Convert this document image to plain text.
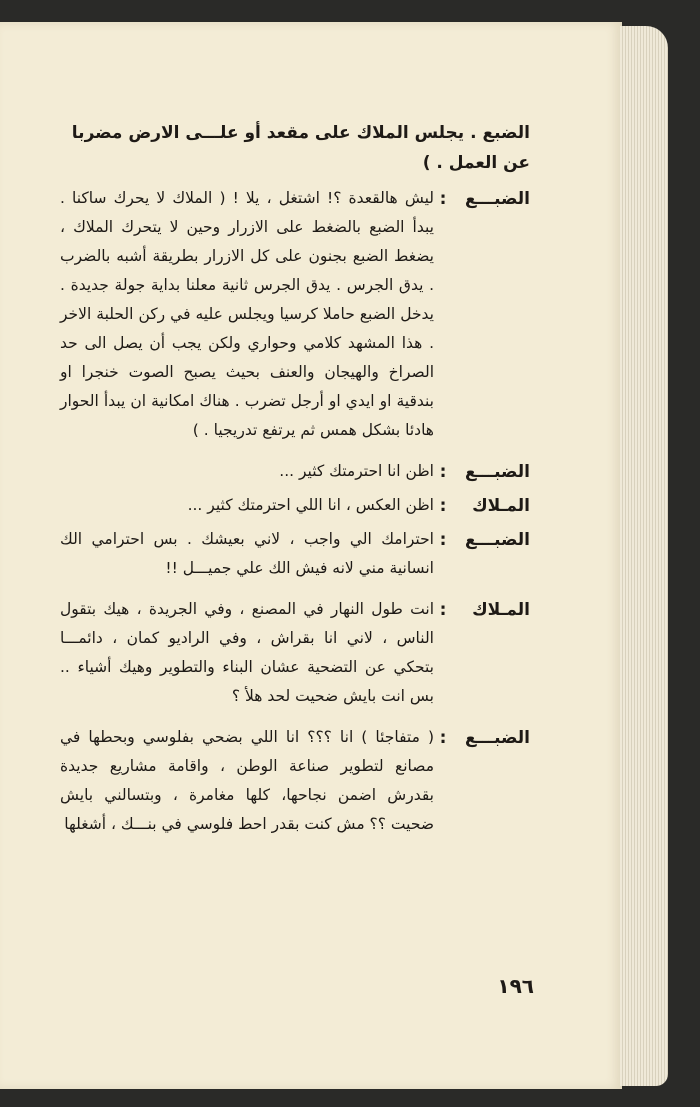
الضبع . يجلس الملاك على مقعد أو علـــى الارض مضربا عن العمل . )
الضبـــع
:
ليش هالقعدة ؟! اشتغل ، يلا ! ( الملاك لا يحرك ساكنا . يبدأ الضبع بالضغط على الازرار وحين لا يتحرك الملاك ، يضغط الضبع بجنون على كل الازرار بطريقة أشبه بالضرب . يدق الجرس . يدق الجرس ثانية معلنا بداية جولة جديدة . يدخل الضبع حاملا كرسيا ويجلس عليه في ركن الحلبة الاخر . هذا المشهد كلامي وحواري ولكن يجب أن يصل الى حد الصراخ والهيجان والعنف بحيث يصبح الصوت خنجرا او بندقية او ايدي او أرجل تضرب . هناك امكانية ان يبدأ الحوار هادئا بشكل همس ثم يرتفع تدريجيا . )
الضبـــع
:
اظن انا احترمتك كثير ...
المـلاك
:
اظن العكس ، انا اللي احترمتك كثير ...
الضبـــع
:
احترامك الي واجب ، لاني بعيشك . بس احترامي الك انسانية مني لانه فيش الك علي جميـــل !!
المـلاك
:
انت طول النهار في المصنع ، وفي الجريدة ، هيك بتقول الناس ، لاني انا بقراش ، وفي الراديو كمان ، دائمـــا بتحكي عن التضحية عشان البناء والتطوير وهيك أشياء .. بس انت بايش ضحيت لحد هلأ ؟
الضبـــع
:
( متفاجئا ) انا ؟؟؟ انا اللي بضحي بفلوسي وبحطها في مصانع لتطوير صناعة الوطن ، واقامة مشاريع جديدة بقدرش اضمن نجاحها، كلها مغامرة ، وبتسالني بايش ضحيت ؟؟ مش كنت بقدر احط فلوسي في بنـــك ، أشغلها
١٩٦
